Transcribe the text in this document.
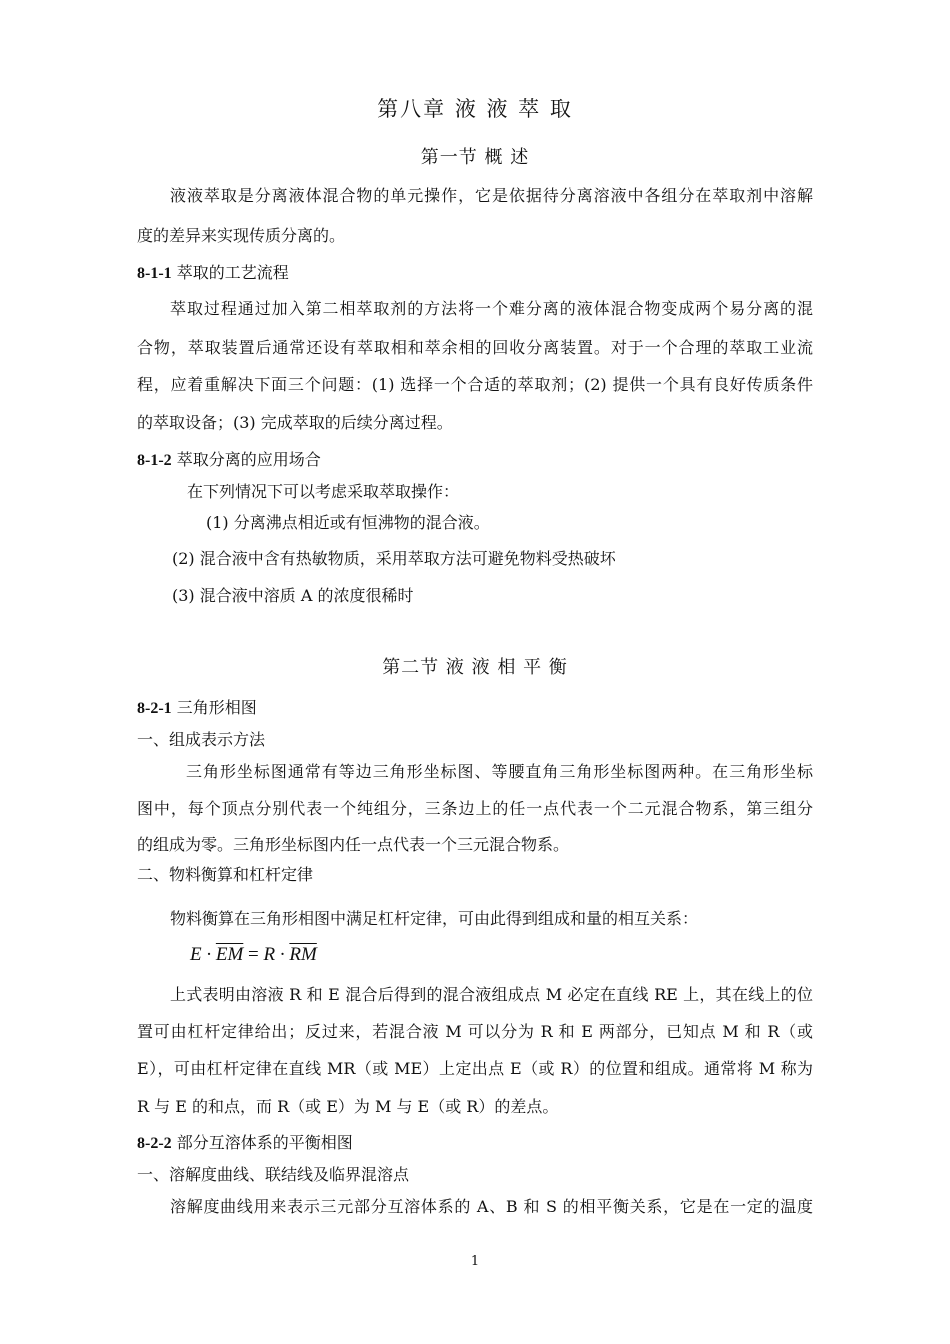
第八章 液 液 萃 取
第一节 概 述
液液萃取是分离液体混合物的单元操作，它是依据待分离溶液中各组分在萃取剂中溶解
度的差异来实现传质分离的。
8-1-1 萃取的工艺流程
萃取过程通过加入第二相萃取剂的方法将一个难分离的液体混合物变成两个易分离的混
合物，萃取装置后通常还设有萃取相和萃余相的回收分离装置。对于一个合理的萃取工业流
程，应着重解决下面三个问题：(1) 选择一个合适的萃取剂；(2) 提供一个具有良好传质条件
的萃取设备；(3) 完成萃取的后续分离过程。
8-1-2 萃取分离的应用场合
在下列情况下可以考虑采取萃取操作：
(1) 分离沸点相近或有恒沸物的混合液。
(2) 混合液中含有热敏物质，采用萃取方法可避免物料受热破坏
(3) 混合液中溶质 A 的浓度很稀时
第二节 液 液 相 平 衡
8-2-1 三角形相图
一、组成表示方法
三角形坐标图通常有等边三角形坐标图、等腰直角三角形坐标图两种。在三角形坐标
图中，每个顶点分别代表一个纯组分，三条边上的任一点代表一个二元混合物系，第三组分
的组成为零。三角形坐标图内任一点代表一个三元混合物系。
二、物料衡算和杠杆定律
物料衡算在三角形相图中满足杠杆定律，可由此得到组成和量的相互关系：
$E \cdot \overline{EM} = R \cdot \overline{RM}$
上式表明由溶液 R 和 E 混合后得到的混合液组成点 M 必定在直线 RE 上，其在线上的位
置可由杠杆定律给出；反过来，若混合液 M 可以分为 R 和 E 两部分，已知点 M 和 R（或
E），可由杠杆定律在直线 MR（或 ME）上定出点 E（或 R）的位置和组成。通常将 M 称为
R 与 E 的和点，而 R（或 E）为 M 与 E（或 R）的差点。
8-2-2 部分互溶体系的平衡相图
一、溶解度曲线、联结线及临界混溶点
溶解度曲线用来表示三元部分互溶体系的 A、B 和 S 的相平衡关系，它是在一定的温度
1
